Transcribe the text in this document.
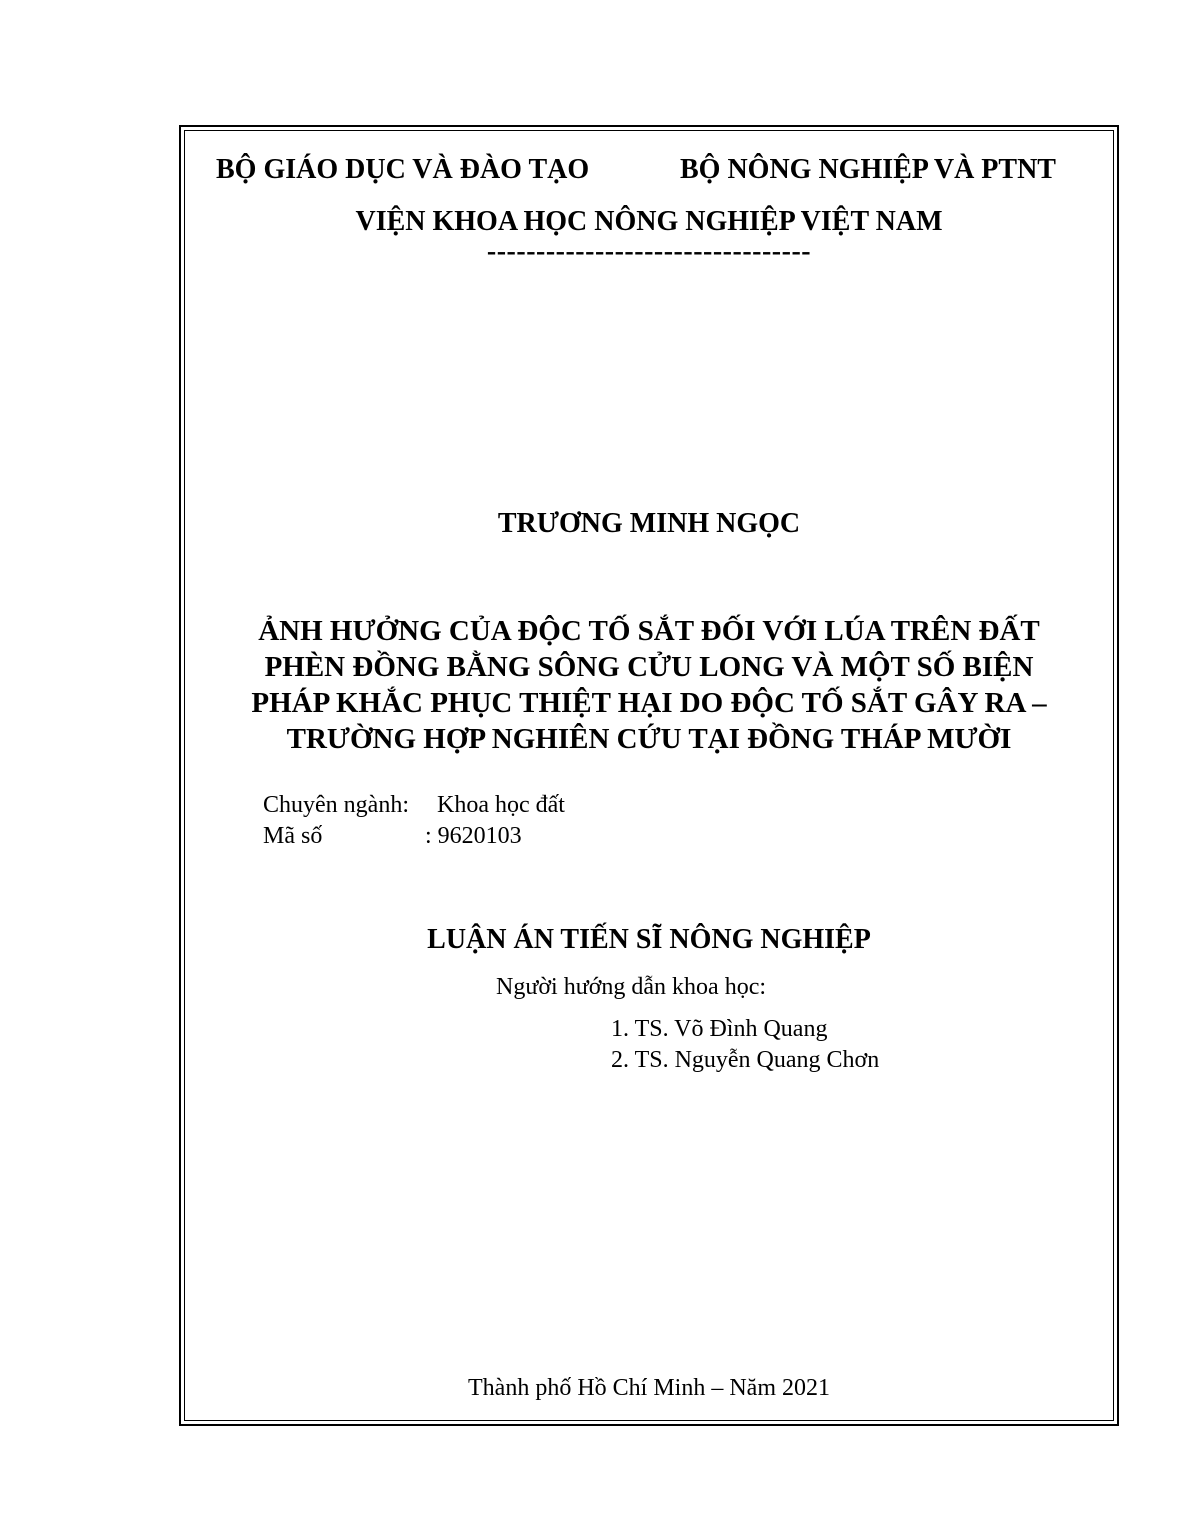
BỘ GIÁO DỤC VÀ ĐÀO TẠO	BỘ NÔNG NGHIỆP VÀ PTNT
VIỆN KHOA HỌC NÔNG NGHIỆP VIỆT NAM
---------------------------------
TRƯƠNG MINH NGỌC
ẢNH HƯỞNG CỦA ĐỘC TỐ SẮT ĐỐI VỚI LÚA TRÊN ĐẤT
PHÈN ĐỒNG BẰNG SÔNG CỬU LONG VÀ MỘT SỐ BIỆN
PHÁP KHẮC PHỤC THIỆT HẠI DO ĐỘC TỐ SẮT GÂY RA –
TRƯỜNG HỢP NGHIÊN CỨU TẠI ĐỒNG THÁP MƯỜI
Chuyên ngành: Khoa học đất
Mã số	: 9620103
LUẬN ÁN TIẾN SĨ NÔNG NGHIỆP
Người hướng dẫn khoa học:
1. TS. Võ Đình Quang
2. TS. Nguyễn Quang Chơn
Thành phố Hồ Chí Minh – Năm 2021
